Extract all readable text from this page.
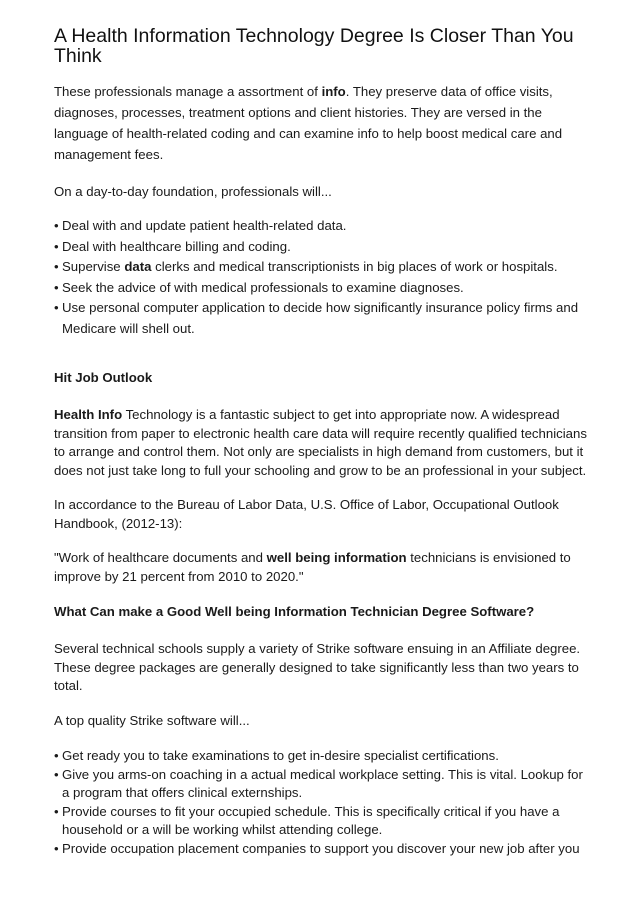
A Health Information Technology Degree Is Closer Than You Think

These professionals manage a assortment of info. They preserve data of office visits, diagnoses, processes, treatment options and client histories. They are versed in the language of health-related coding and can examine info to help boost medical care and management fees.

On a day-to-day foundation, professionals will...

• Deal with and update patient health-related data.
• Deal with healthcare billing and coding.
• Supervise data clerks and medical transcriptionists in big places of work or hospitals.
• Seek the advice of with medical professionals to examine diagnoses.
• Use personal computer application to decide how significantly insurance policy firms and Medicare will shell out.
Hit Job Outlook

Health Info Technology is a fantastic subject to get into appropriate now. A widespread transition from paper to electronic health care data will require recently qualified technicians to arrange and control them. Not only are specialists in high demand from customers, but it does not just take long to full your schooling and grow to be an professional in your subject.

In accordance to the Bureau of Labor Data, U.S. Office of Labor, Occupational Outlook Handbook, (2012-13):

"Work of healthcare documents and well being information technicians is envisioned to improve by 21 percent from 2010 to 2020."

What Can make a Good Well being Information Technician Degree Software?

Several technical schools supply a variety of Strike software ensuing in an Affiliate degree. These degree packages are generally designed to take significantly less than two years to total.

A top quality Strike software will...

• Get ready you to take examinations to get in-desire specialist certifications.
• Give you arms-on coaching in a actual medical workplace setting. This is vital. Lookup for a program that offers clinical externships.
• Provide courses to fit your occupied schedule. This is specifically critical if you have a household or a will be working whilst attending college.
• Provide occupation placement companies to support you discover your new job after you
